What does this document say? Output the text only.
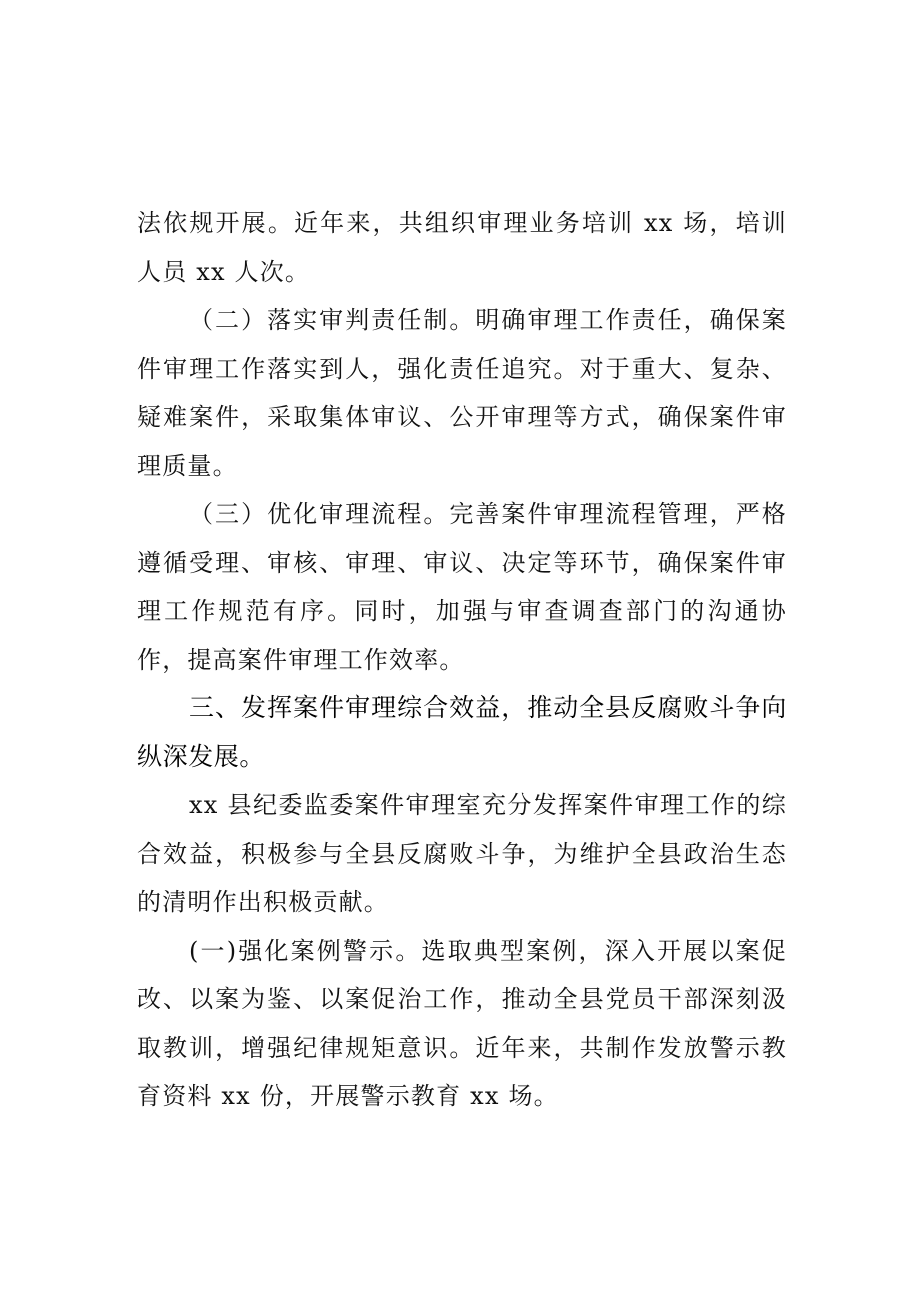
法依规开展。近年来，共组织审理业务培训 xx 场，培训人员 xx 人次。

（二）落实审判责任制。明确审理工作责任，确保案件审理工作落实到人，强化责任追究。对于重大、复杂、疑难案件，采取集体审议、公开审理等方式，确保案件审理质量。

（三）优化审理流程。完善案件审理流程管理，严格遵循受理、审核、审理、审议、决定等环节，确保案件审理工作规范有序。同时，加强与审查调查部门的沟通协作，提高案件审理工作效率。

三、发挥案件审理综合效益，推动全县反腐败斗争向纵深发展。

xx 县纪委监委案件审理室充分发挥案件审理工作的综合效益，积极参与全县反腐败斗争，为维护全县政治生态的清明作出积极贡献。

(一)强化案例警示。选取典型案例，深入开展以案促改、以案为鉴、以案促治工作，推动全县党员干部深刻汲取教训，增强纪律规矩意识。近年来，共制作发放警示教育资料 xx 份，开展警示教育 xx 场。
